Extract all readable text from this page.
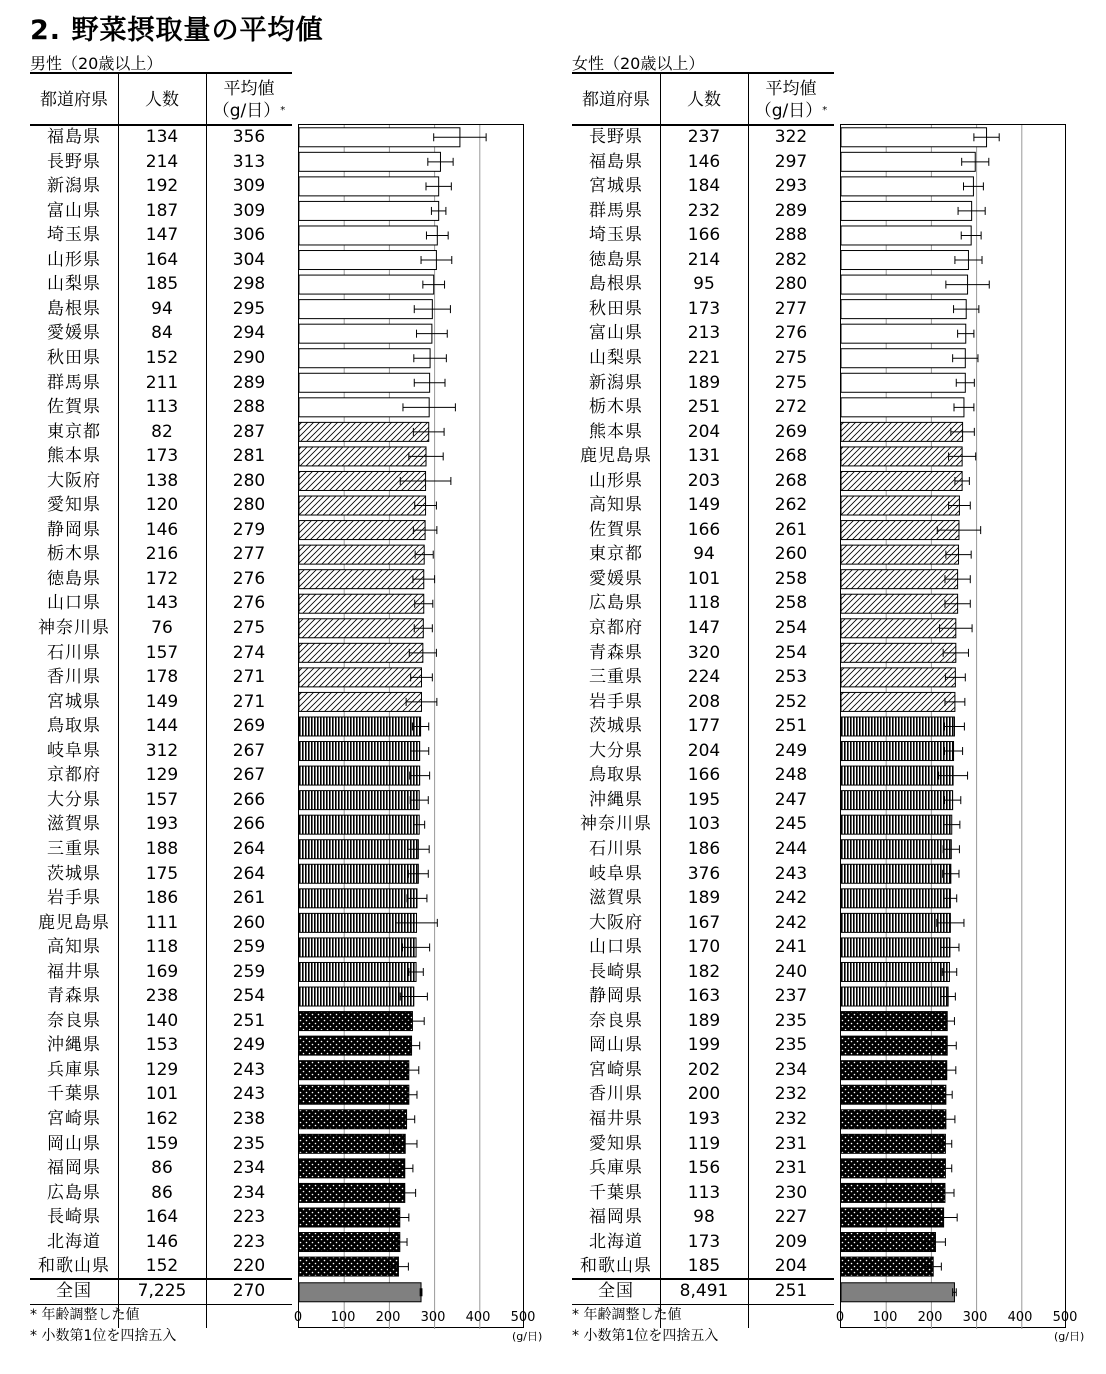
2. 野菜摂取量の平均値
男性（20歳以上）
都道府県	人数
平均値
（g/日）*
福島県	134	356
長野県	214	313
新潟県	192	309
富山県	187	309
埼玉県	147	306
山形県	164	304
山梨県	185	298
島根県	94	295
愛媛県	84	294
秋田県	152	290
群馬県	211	289
佐賀県	113	288
東京都	82	287
熊本県	173	281
大阪府	138	280
愛知県	120	280
静岡県	146	279
栃木県	216	277
徳島県	172	276
山口県	143	276
神奈川県	76	275
石川県	157	274
香川県	178	271
宮城県	149	271
鳥取県	144	269
岐阜県	312	267
京都府	129	267
大分県	157	266
滋賀県	193	266
三重県	188	264
茨城県	175	264
岩手県	186	261
鹿児島県	111	260
高知県	118	259
福井県	169	259
青森県	238	254
奈良県	140	251
沖縄県	153	249
兵庫県	129	243
千葉県	101	243
宮崎県	162	238
岡山県	159	235
福岡県	86	234
広島県	86	234
長崎県	164	223
北海道	146	223
和歌山県	152	220
全国	7,225	270
0 100 200 300 400 500
(g/日)
* 年齢調整した値
* 小数第1位を四捨五入
女性（20歳以上）
都道府県	人数
平均値
（g/日）*
長野県	237	322
福島県	146	297
宮城県	184	293
群馬県	232	289
埼玉県	166	288
徳島県	214	282
島根県	95	280
秋田県	173	277
富山県	213	276
山梨県	221	275
新潟県	189	275
栃木県	251	272
熊本県	204	269
鹿児島県	131	268
山形県	203	268
高知県	149	262
佐賀県	166	261
東京都	94	260
愛媛県	101	258
広島県	118	258
京都府	147	254
青森県	320	254
三重県	224	253
岩手県	208	252
茨城県	177	251
大分県	204	249
鳥取県	166	248
沖縄県	195	247
神奈川県	103	245
石川県	186	244
岐阜県	376	243
滋賀県	189	242
大阪府	167	242
山口県	170	241
長崎県	182	240
静岡県	163	237
奈良県	189	235
岡山県	199	235
宮崎県	202	234
香川県	200	232
福井県	193	232
愛知県	119	231
兵庫県	156	231
千葉県	113	230
福岡県	98	227
北海道	173	209
和歌山県	185	204
全国	8,491	251
0 100 200 300 400 500
(g/日)
* 年齢調整した値
* 小数第1位を四捨五入
